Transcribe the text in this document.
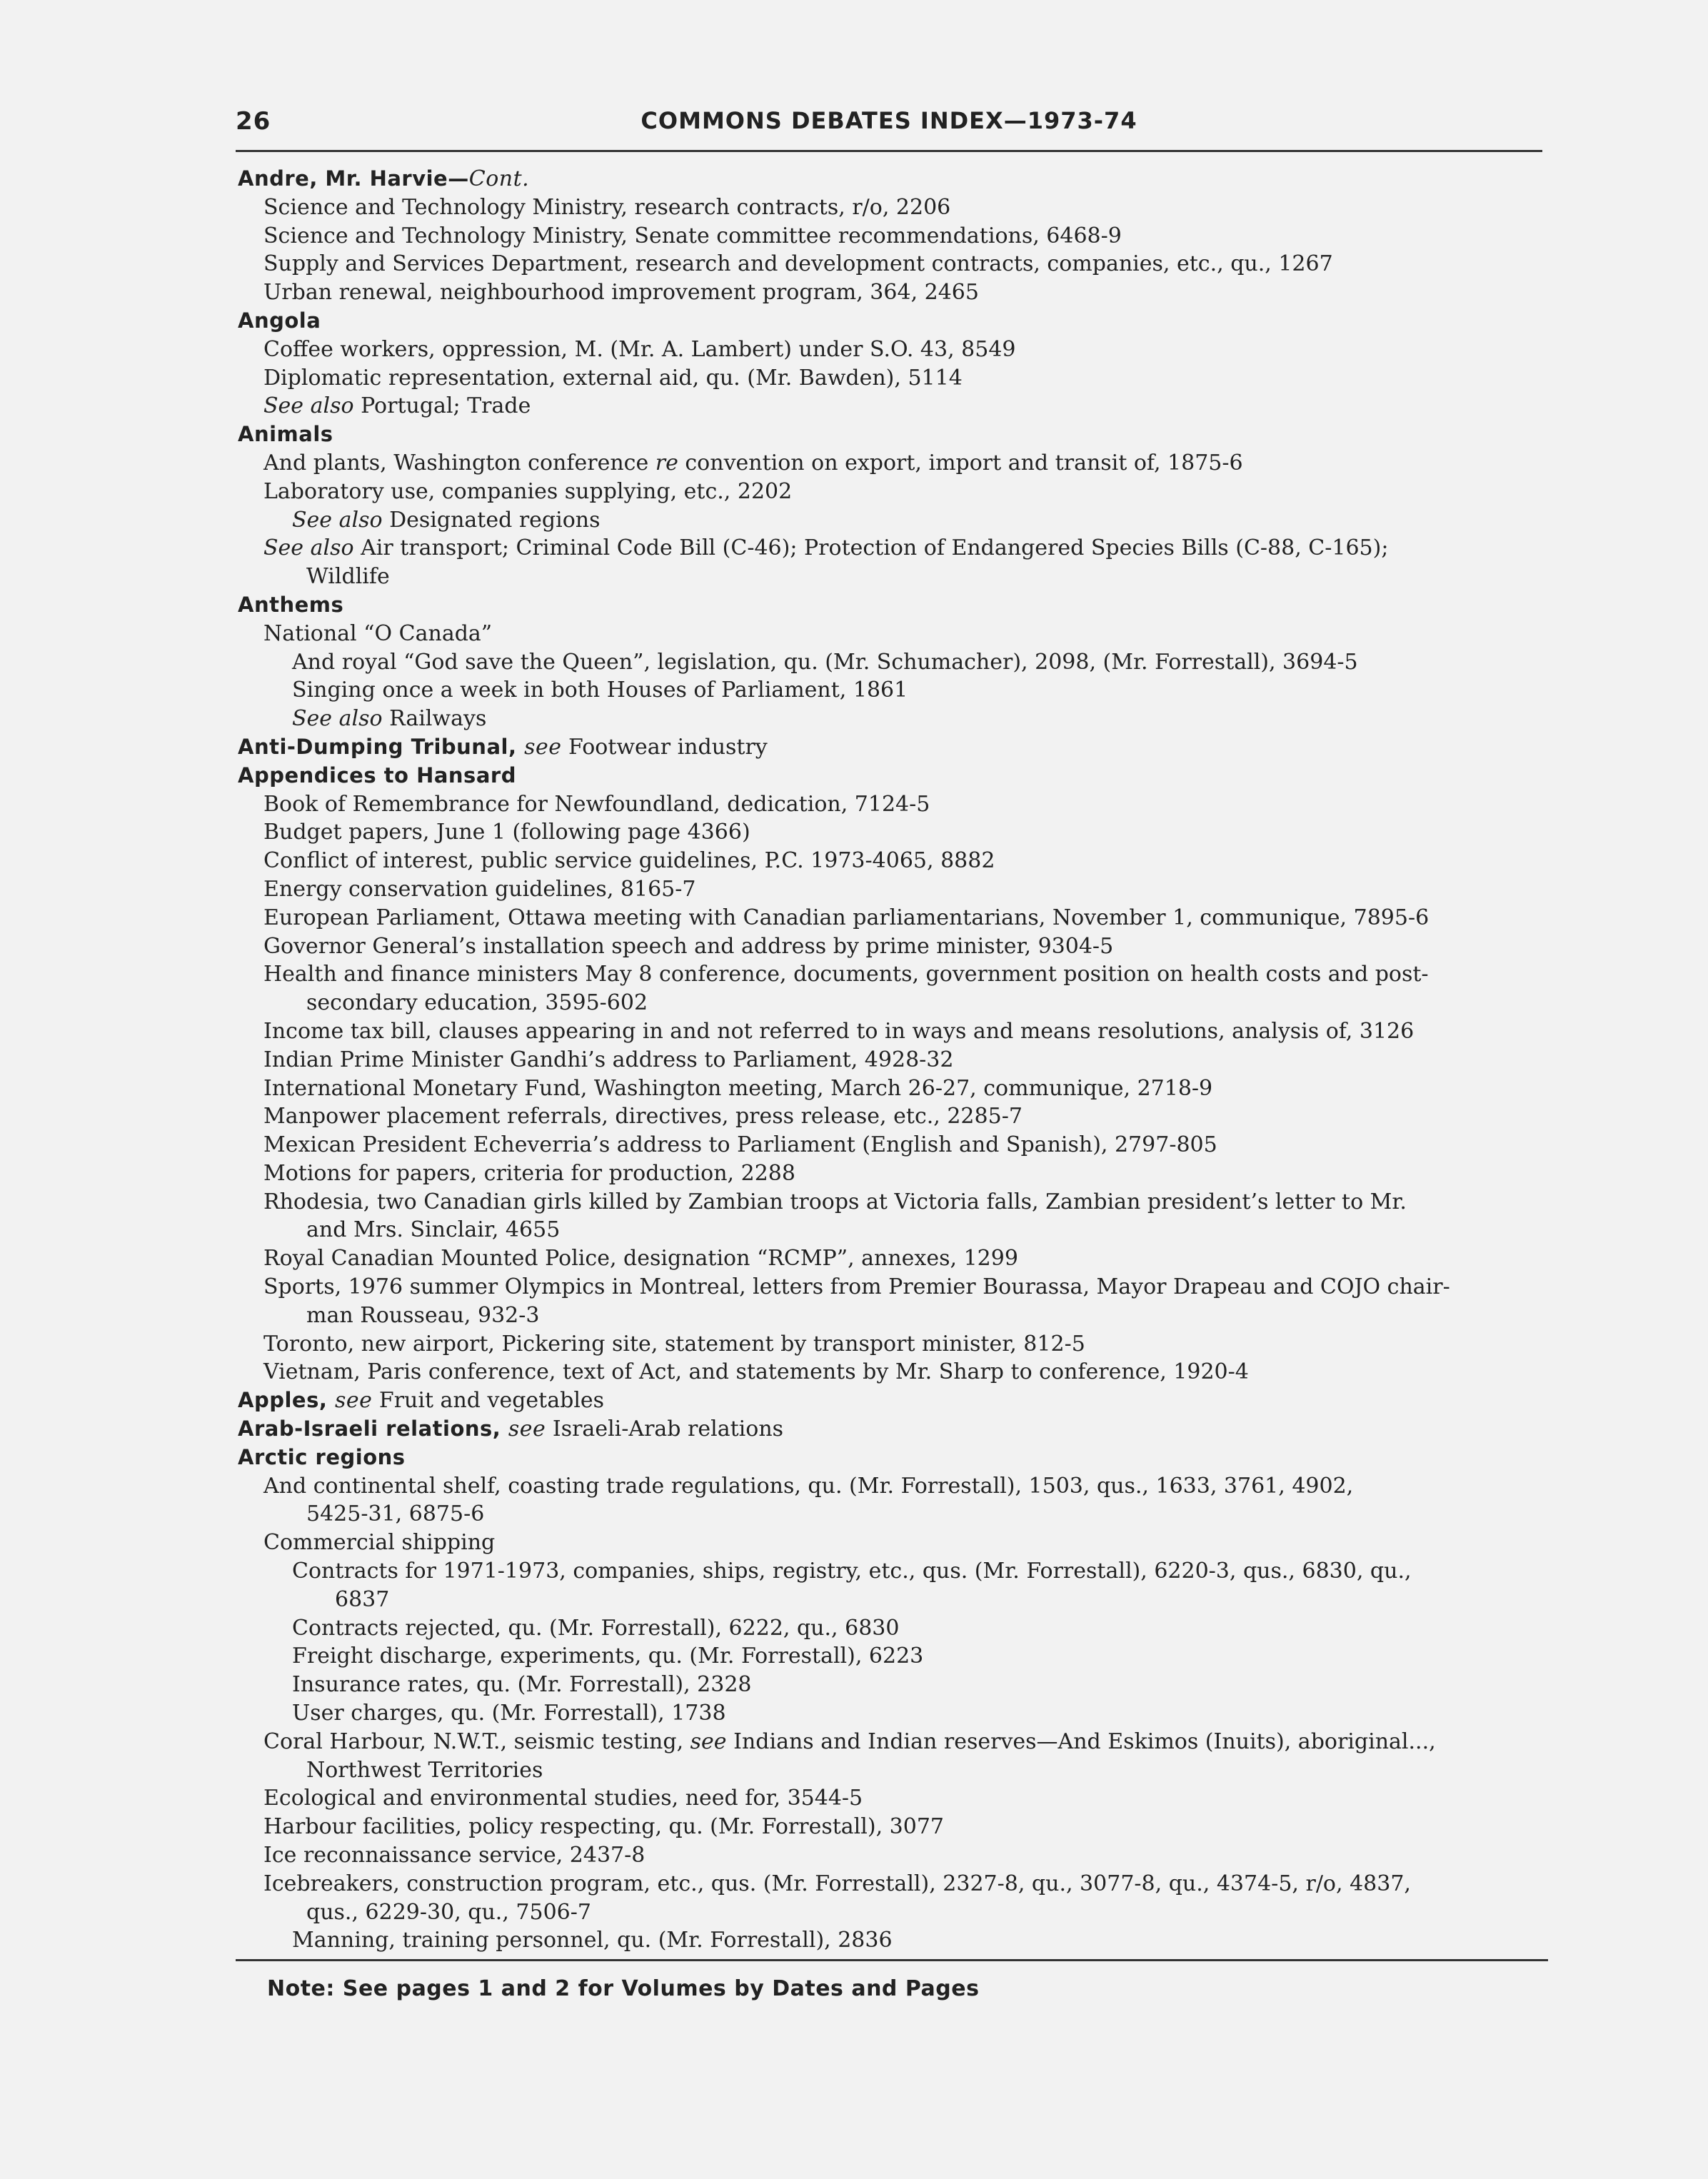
26	COMMONS DEBATES INDEX—1973-74
Andre, Mr. Harvie—Cont.
Science and Technology Ministry, research contracts, r/o, 2206
Science and Technology Ministry, Senate committee recommendations, 6468-9
Supply and Services Department, research and development contracts, companies, etc., qu., 1267
Urban renewal, neighbourhood improvement program, 364, 2465
Angola
Coffee workers, oppression, M. (Mr. A. Lambert) under S.O. 43, 8549
Diplomatic representation, external aid, qu. (Mr. Bawden), 5114
See also Portugal; Trade
Animals
And plants, Washington conference re convention on export, import and transit of, 1875-6
Laboratory use, companies supplying, etc., 2202
See also Designated regions
See also Air transport; Criminal Code Bill (C-46); Protection of Endangered Species Bills (C-88, C-165);
Wildlife
Anthems
National “O Canada”
And royal “God save the Queen”, legislation, qu. (Mr. Schumacher), 2098, (Mr. Forrestall), 3694-5
Singing once a week in both Houses of Parliament, 1861
See also Railways
Anti-Dumping Tribunal, see Footwear industry
Appendices to Hansard
Book of Remembrance for Newfoundland, dedication, 7124-5
Budget papers, June 1 (following page 4366)
Conflict of interest, public service guidelines, P.C. 1973-4065, 8882
Energy conservation guidelines, 8165-7
European Parliament, Ottawa meeting with Canadian parliamentarians, November 1, communique, 7895-6
Governor General’s installation speech and address by prime minister, 9304-5
Health and finance ministers May 8 conference, documents, government position on health costs and post-
secondary education, 3595-602
Income tax bill, clauses appearing in and not referred to in ways and means resolutions, analysis of, 3126
Indian Prime Minister Gandhi’s address to Parliament, 4928-32
International Monetary Fund, Washington meeting, March 26-27, communique, 2718-9
Manpower placement referrals, directives, press release, etc., 2285-7
Mexican President Echeverria’s address to Parliament (English and Spanish), 2797-805
Motions for papers, criteria for production, 2288
Rhodesia, two Canadian girls killed by Zambian troops at Victoria falls, Zambian president’s letter to Mr.
and Mrs. Sinclair, 4655
Royal Canadian Mounted Police, designation “RCMP”, annexes, 1299
Sports, 1976 summer Olympics in Montreal, letters from Premier Bourassa, Mayor Drapeau and COJO chair-
man Rousseau, 932-3
Toronto, new airport, Pickering site, statement by transport minister, 812-5
Vietnam, Paris conference, text of Act, and statements by Mr. Sharp to conference, 1920-4
Apples, see Fruit and vegetables
Arab-Israeli relations, see Israeli-Arab relations
Arctic regions
And continental shelf, coasting trade regulations, qu. (Mr. Forrestall), 1503, qus., 1633, 3761, 4902,
5425-31, 6875-6
Commercial shipping
Contracts for 1971-1973, companies, ships, registry, etc., qus. (Mr. Forrestall), 6220-3, qus., 6830, qu.,
6837
Contracts rejected, qu. (Mr. Forrestall), 6222, qu., 6830
Freight discharge, experiments, qu. (Mr. Forrestall), 6223
Insurance rates, qu. (Mr. Forrestall), 2328
User charges, qu. (Mr. Forrestall), 1738
Coral Harbour, N.W.T., seismic testing, see Indians and Indian reserves—And Eskimos (Inuits), aboriginal...,
Northwest Territories
Ecological and environmental studies, need for, 3544-5
Harbour facilities, policy respecting, qu. (Mr. Forrestall), 3077
Ice reconnaissance service, 2437-8
Icebreakers, construction program, etc., qus. (Mr. Forrestall), 2327-8, qu., 3077-8, qu., 4374-5, r/o, 4837,
qus., 6229-30, qu., 7506-7
Manning, training personnel, qu. (Mr. Forrestall), 2836
Note: See pages 1 and 2 for Volumes by Dates and Pages
